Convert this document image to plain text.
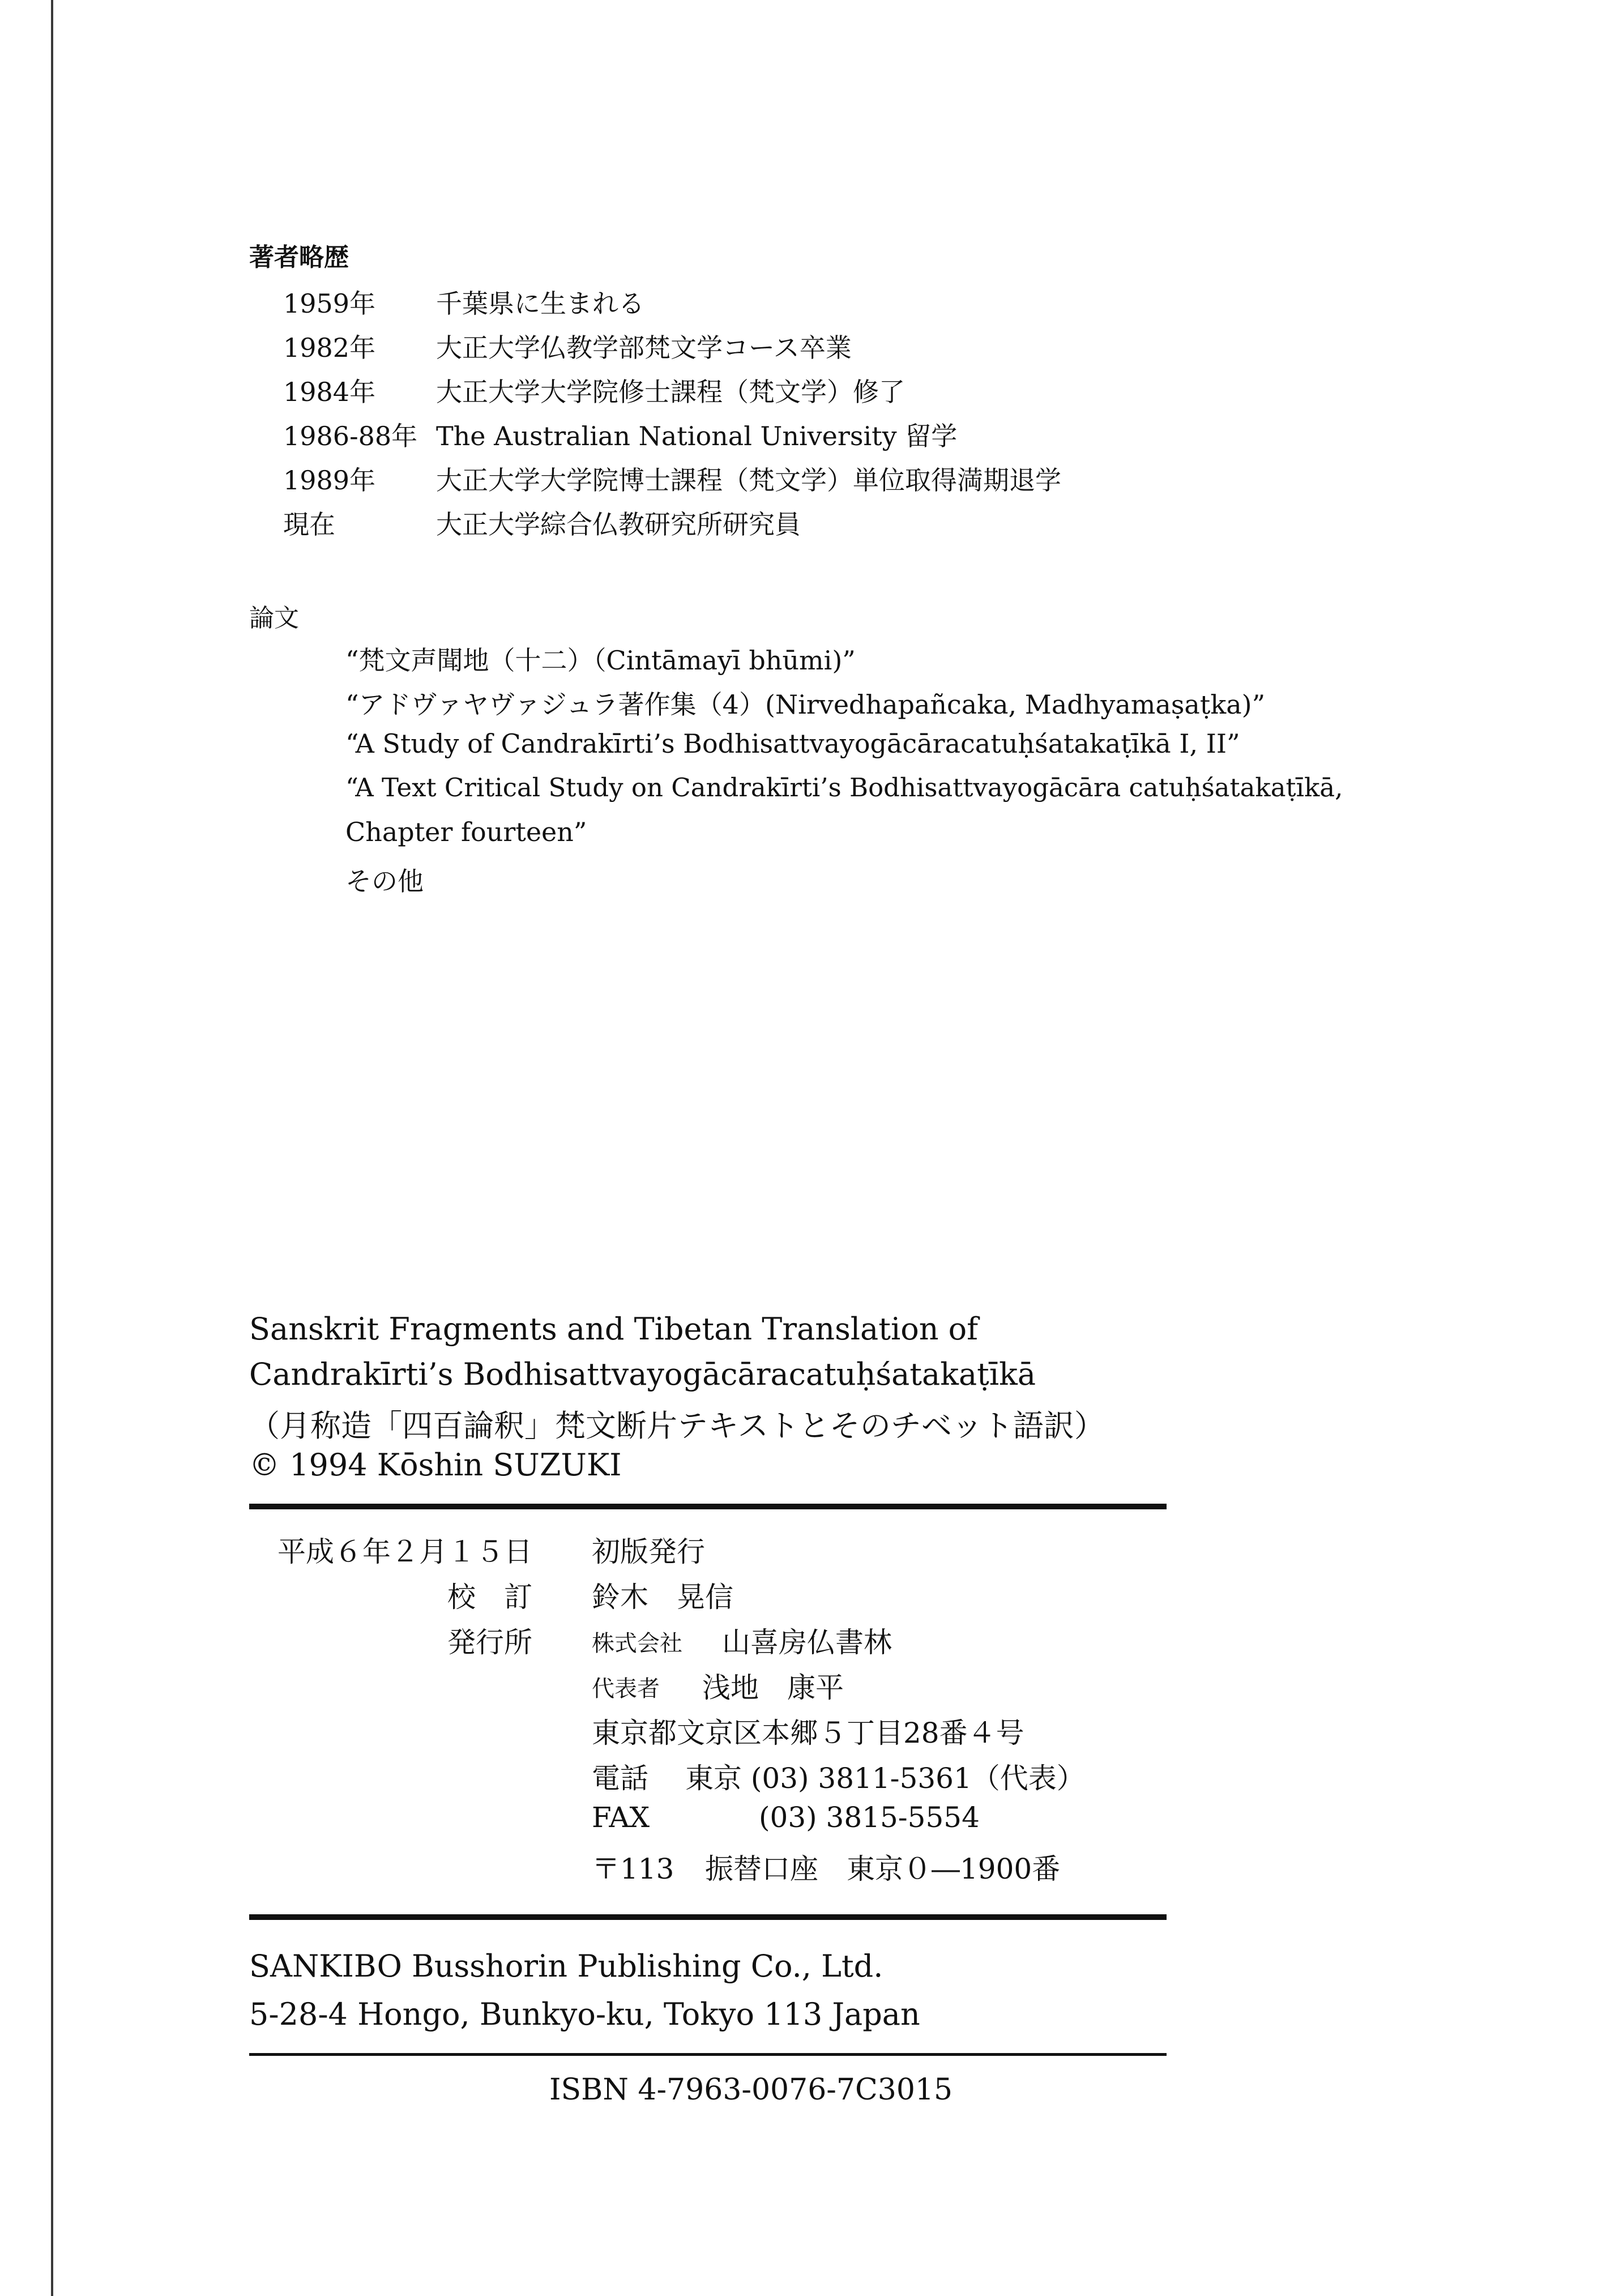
著者略歴
1959年 千葉県に生まれる
1982年 大正大学仏教学部梵文学コース卒業
1984年 大正大学大学院修士課程（梵文学）修了
1986-88年 The Australian National University 留学
1989年 大正大学大学院博士課程（梵文学）単位取得満期退学
現在	大正大学綜合仏教研究所研究員
論文
“梵文声聞地（十二）（Cintāmayī bhūmi)”
“アドヴァヤヴァジュラ著作集（4）(Nirvedhapañcaka, Madhyamaṣaṭka)”
“A Study of Candrakīrti’s Bodhisattvayogācāracatuḥśatakaṭīkā I, II”
“A Text Critical Study on Candrakīrti’s Bodhisattvayogācāra catuḥśatakaṭīkā,
Chapter fourteen”
その他
Sanskrit Fragments and Tibetan Translation of
Candrakīrti’s Bodhisattvayogācāracatuḥśatakaṭīkā
（月称造「四百論釈」梵文断片テキストとそのチベット語訳）
© 1994 Kōshin SUZUKI
平成６年２月１５日 初版発行
校　訂 鈴木　晃信
発行所	株式会社 山喜房仏書林
代表者 浅地　康平
東京都文京区本郷５丁目28番４号
電話 東京 (03) 3811-5361（代表）
FAX	(03) 3815-5554
〒113 振替口座　東京０―1900番
SANKIBO Busshorin Publishing Co., Ltd.
5-28-4 Hongo, Bunkyo-ku, Tokyo 113 Japan
ISBN 4-7963-0076-7C3015
